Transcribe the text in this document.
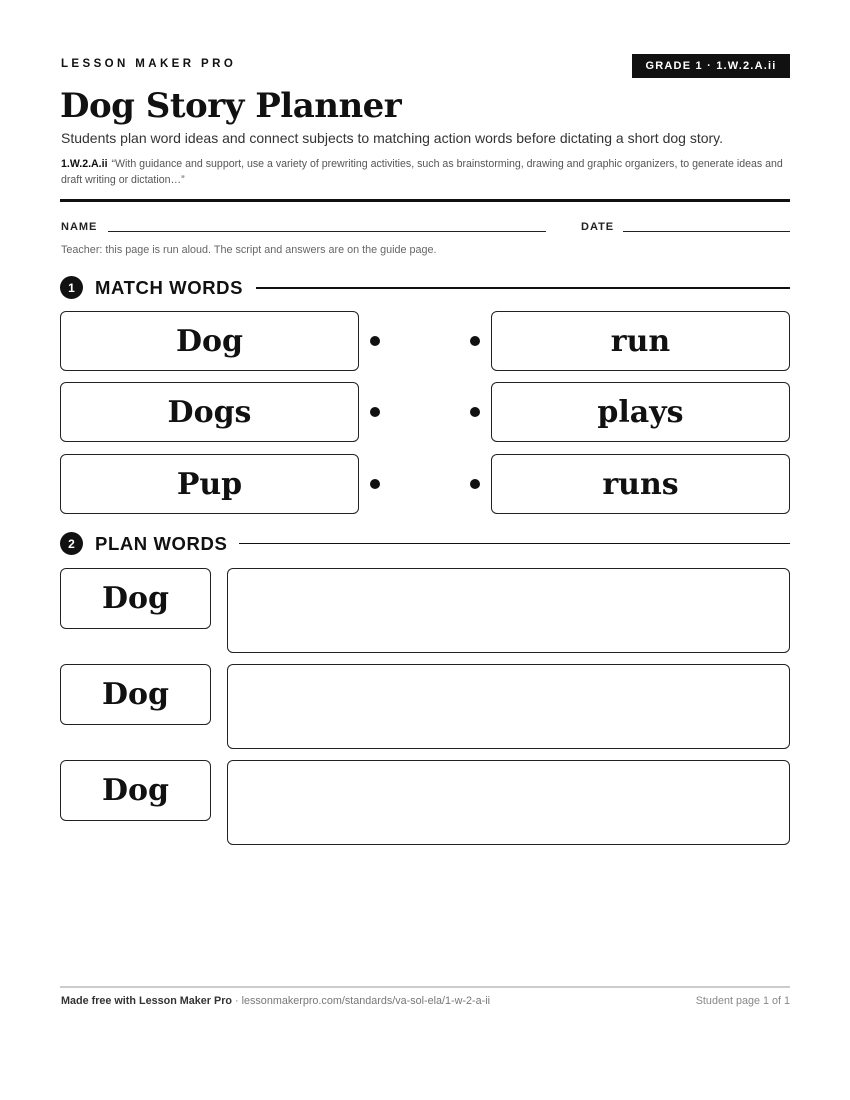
LESSON MAKER PRO	GRADE 1 · 1.W.2.A.ii
Dog Story Planner

Students plan word ideas and connect subjects to matching action words before dictating a short dog story.

1.W.2.A.ii “With guidance and support, use a variety of prewriting activities, such as brainstorming, drawing and graphic organizers, to generate ideas and draft writing or dictation…”

NAME	DATE
Teacher: this page is run aloud. The script and answers are on the guide page.
1	MATCH WORDS
Dog	run
Dogs	plays
Pup	runs
2	PLAN WORDS
Dog
Dog
Dog
Made free with Lesson Maker Pro · lessonmakerpro.com/standards/va-sol-ela/1-w-2-a-ii	Student page 1 of 1
